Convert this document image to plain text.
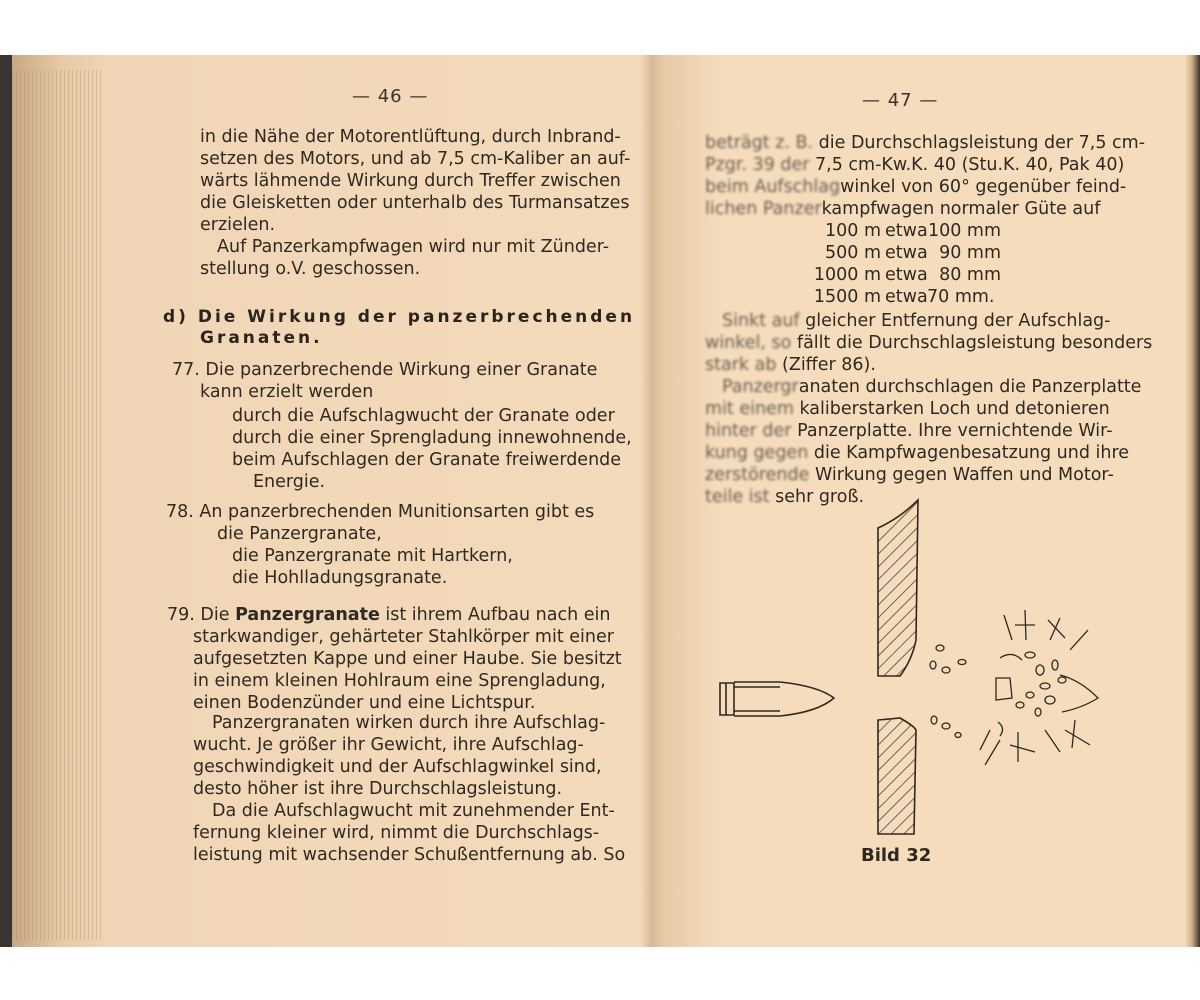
— 46 —
in die Nähe der Motorentlüftung, durch Inbrand-
setzen des Motors, und ab 7,5 cm-Kaliber an auf-
wärts lähmende Wirkung durch Treffer zwischen
die Gleisketten oder unterhalb des Turmansatzes
erzielen.
Auf Panzerkampfwagen wird nur mit Zünder-
stellung o.V. geschossen.
d) Die Wirkung der panzerbrechenden
Granaten.
77. Die panzerbrechende Wirkung einer Granate
kann erzielt werden
durch die Aufschlagwucht der Granate oder
durch die einer Sprengladung innewohnende,
beim Aufschlagen der Granate freiwerdende
Energie.
78. An panzerbrechenden Munitionsarten gibt es
die Panzergranate,
die Panzergranate mit Hartkern,
die Hohlladungsgranate.
79. Die Panzergranate ist ihrem Aufbau nach ein
starkwandiger, gehärteter Stahlkörper mit einer
aufgesetzten Kappe und einer Haube. Sie besitzt
in einem kleinen Hohlraum eine Sprengladung,
einen Bodenzünder und eine Lichtspur.
Panzergranaten wirken durch ihre Aufschlag-
wucht. Je größer ihr Gewicht, ihre Aufschlag-
geschwindigkeit und der Aufschlagwinkel sind,
desto höher ist ihre Durchschlagsleistung.
Da die Aufschlagwucht mit zunehmender Ent-
fernung kleiner wird, nimmt die Durchschlags-
leistung mit wachsender Schußentfernung ab. So
— 47 —
beträgt z. B. die Durchschlagsleistung der 7,5 cm-
Pzgr. 39 der 7,5 cm-Kw.K. 40 (Stu.K. 40, Pak 40)
beim Aufschlagwinkel von 60° gegenüber feind-
lichen Panzerkampfwagen normaler Güte auf
100 m etwa 100 mm
500 m etwa 90 mm
1000 m etwa 80 mm
1500 m etwa 70 mm.
Sinkt auf gleicher Entfernung der Aufschlag-
winkel, so fällt die Durchschlagsleistung besonders
stark ab (Ziffer 86).
Panzergranaten durchschlagen die Panzerplatte
mit einem kaliberstarken Loch und detonieren
hinter der Panzerplatte. Ihre vernichtende Wir-
kung gegen die Kampfwagenbesatzung und ihre
zerstörende Wirkung gegen Waffen und Motor-
teile ist sehr groß.
Bild 32
